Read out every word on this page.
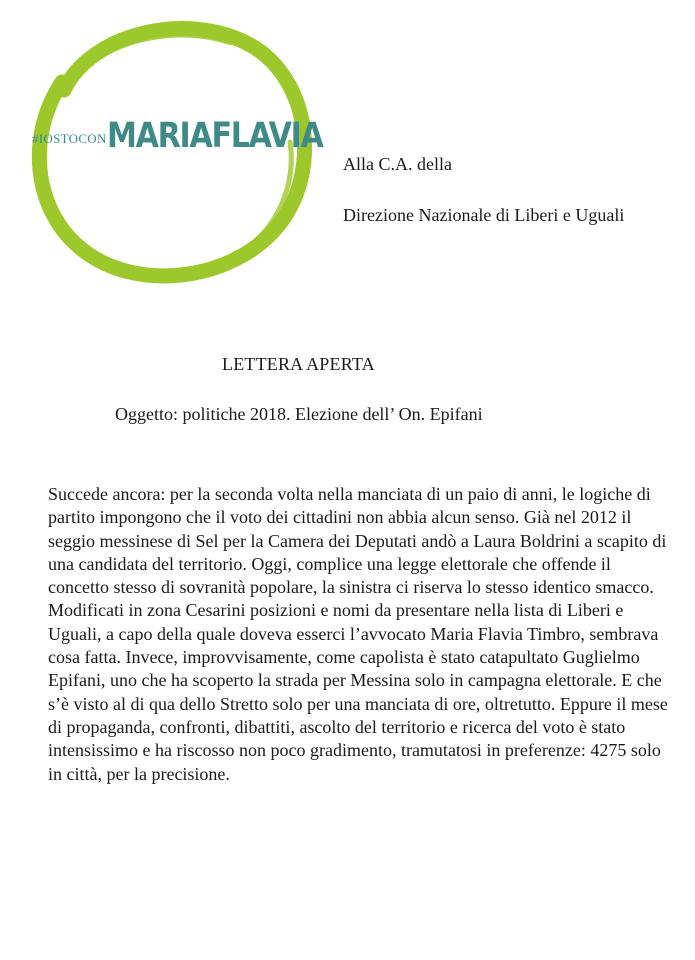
$^{\#IOSTOCON}$MARIAFLAVIA

Alla C.A. della

Direzione Nazionale di Liberi e Uguali

LETTERA APERTA
Oggetto: politiche 2018. Elezione dell’ On. Epifani

Succede ancora: per la seconda volta nella manciata di un paio di anni, le logiche di partito impongono che il voto dei cittadini non abbia alcun senso. Già nel 2012 il seggio messinese di Sel per la Camera dei Deputati andò a Laura Boldrini a scapito di una candidata del territorio. Oggi, complice una legge elettorale che offende il concetto stesso di sovranità popolare, la sinistra ci riserva lo stesso identico smacco. Modificati in zona Cesarini posizioni e nomi da presentare nella lista di Liberi e Uguali, a capo della quale doveva esserci l’avvocato Maria Flavia Timbro, sembrava cosa fatta. Invece, improvvisamente, come capolista è stato catapultato Guglielmo Epifani, uno che ha scoperto la strada per Messina solo in campagna elettorale. E che s’è visto al di qua dello Stretto solo per una manciata di ore, oltretutto. Eppure il mese di propaganda, confronti, dibattiti, ascolto del territorio e ricerca del voto è stato intensissimo e ha riscosso non poco gradimento, tramutatosi in preferenze: 4275 solo in città, per la precisione.
